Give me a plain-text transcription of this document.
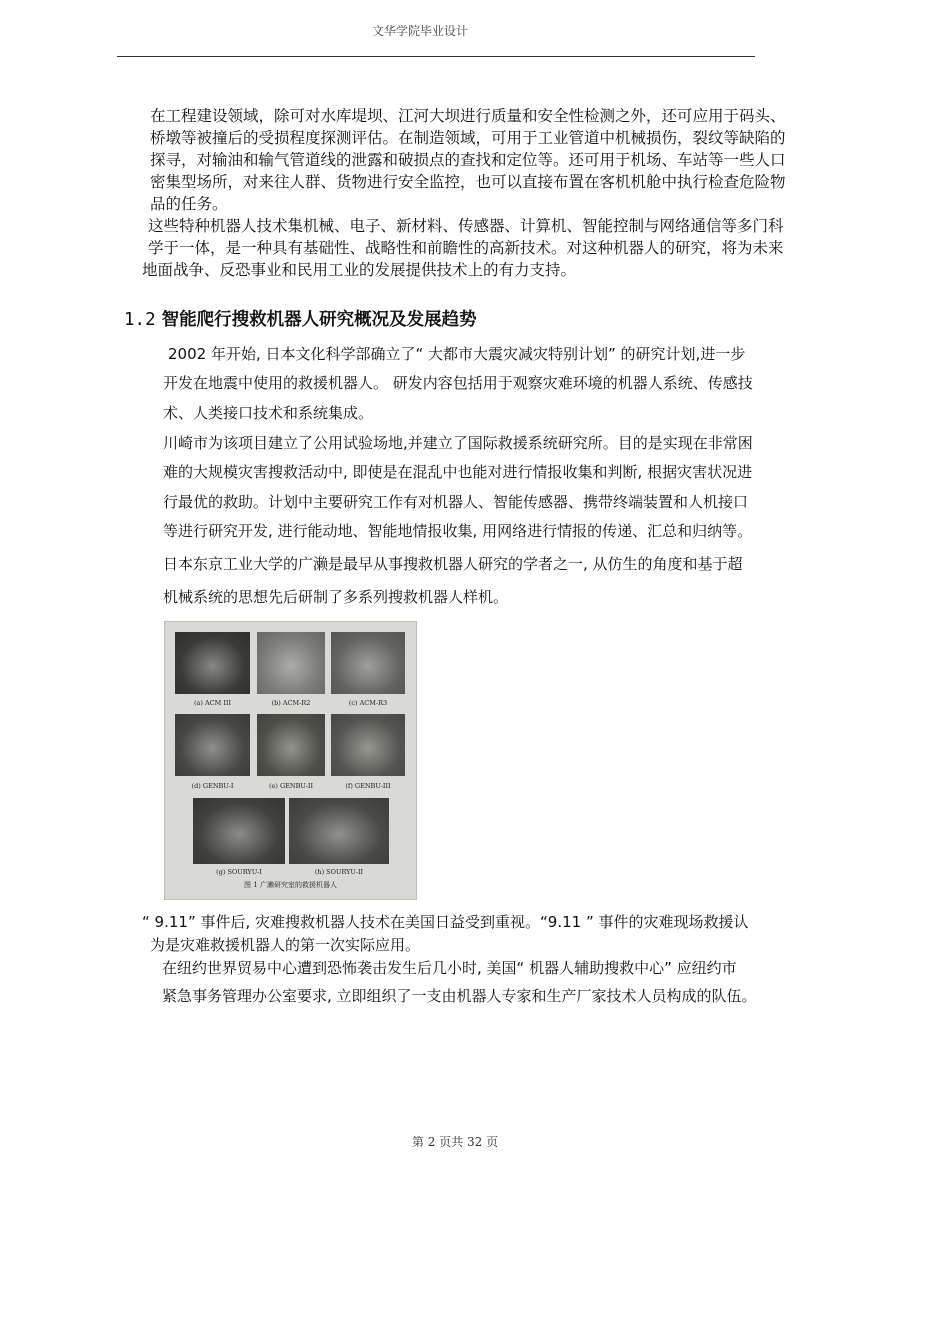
文华学院毕业设计
在工程建设领域，除可对水库堤坝、江河大坝进行质量和安全性检测之外，还可应用于码头、
桥墩等被撞后的受损程度探测评估。在制造领域，可用于工业管道中机械损伤，裂纹等缺陷的
探寻，对输油和输气管道线的泄露和破损点的查找和定位等。还可用于机场、车站等一些人口
密集型场所，对来往人群、货物进行安全监控，也可以直接布置在客机机舱中执行检查危险物
品的任务。
这些特种机器人技术集机械、电子、新材料、传感器、计算机、智能控制与网络通信等多门科
学于一体，是一种具有基础性、战略性和前瞻性的高新技术。对这种机器人的研究，将为未来
地面战争、反恐事业和民用工业的发展提供技术上的有力支持。
1.2 智能爬行搜救机器人研究概况及发展趋势
2002 年开始, 日本文化科学部确立了“ 大都市大震灾减灾特别计划” 的研究计划,进一步
开发在地震中使用的救援机器人。 研发内容包括用于观察灾难环境的机器人系统、传感技
术、人类接口技术和系统集成。
川崎市为该项目建立了公用试验场地,并建立了国际救援系统研究所。目的是实现在非常困
难的大规模灾害搜救活动中, 即使是在混乱中也能对进行情报收集和判断, 根据灾害状况进
行最优的救助。计划中主要研究工作有对机器人、智能传感器、携带终端装置和人机接口
等进行研究开发, 进行能动地、智能地情报收集, 用网络进行情报的传递、汇总和归纳等。
日本东京工业大学的广濑是最早从事搜救机器人研究的学者之一, 从仿生的角度和基于超
机械系统的思想先后研制了多系列搜救机器人样机。
(a) ACM III	(b) ACM-R2	(c) ACM-R3
(d) GENBU-I	(e) GENBU-II	(f) GENBU-III
(g) SOURYU-I	(h) SOURYU-II
图 1 广濑研究室的救援机器人
“ 9.11” 事件后, 灾难搜救机器人技术在美国日益受到重视。“9.11 ” 事件的灾难现场救援认
为是灾难救援机器人的第一次实际应用。
在纽约世界贸易中心遭到恐怖袭击发生后几小时, 美国“ 机器人辅助搜救中心” 应纽约市
紧急事务管理办公室要求, 立即组织了一支由机器人专家和生产厂家技术人员构成的队伍。
第 2 页共 32 页
